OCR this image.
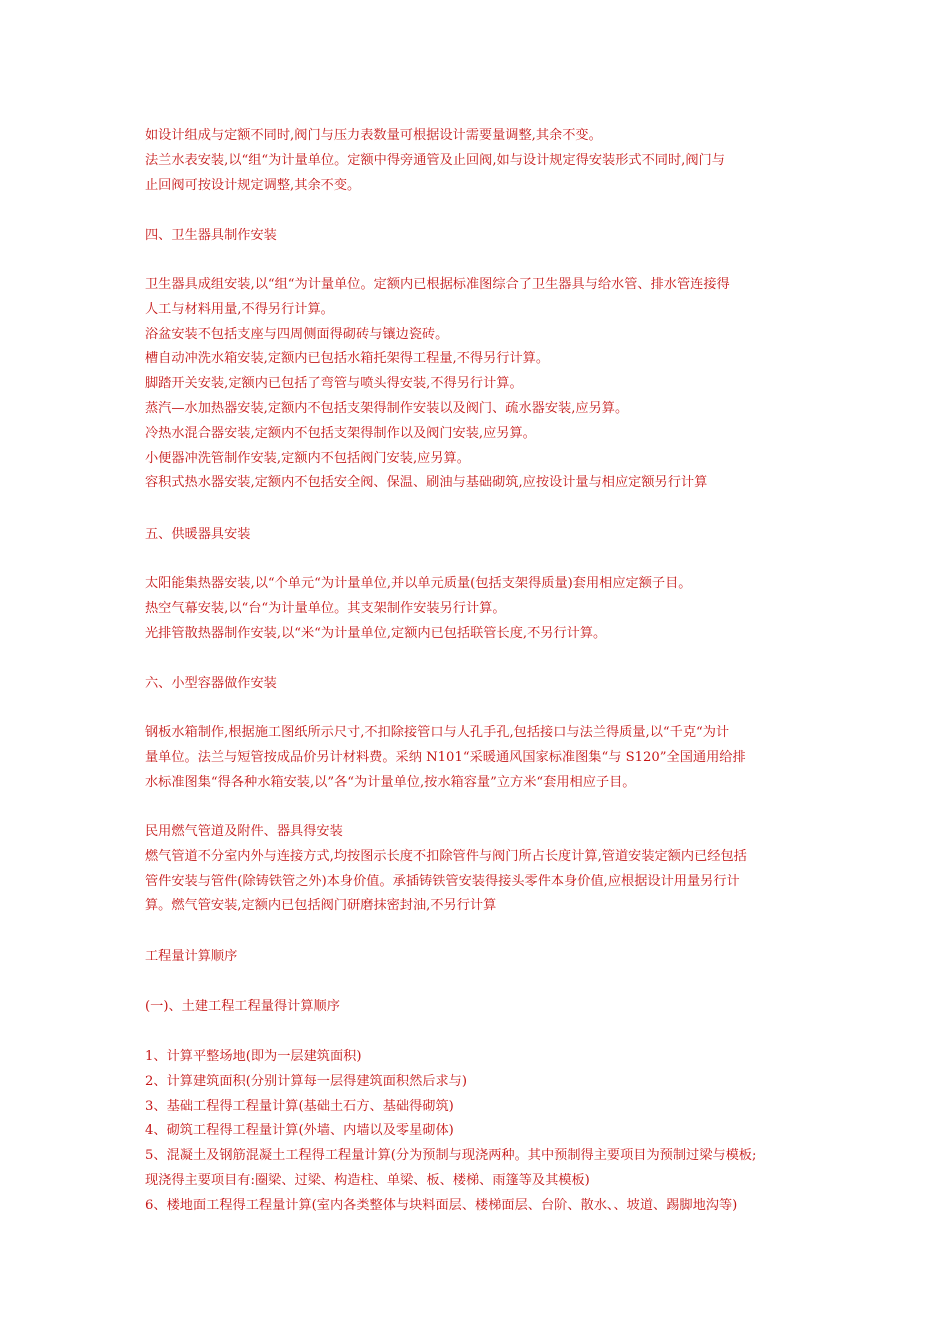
如设计组成与定额不同时,阀门与压力表数量可根据设计需要量调整,其余不变。
法兰水表安装,以“组“为计量单位。定额中得旁通管及止回阀,如与设计规定得安装形式不同时,阀门与
止回阀可按设计规定调整,其余不变。
四、卫生器具制作安装
卫生器具成组安装,以“组“为计量单位。定额内已根据标准图综合了卫生器具与给水管、排水管连接得
人工与材料用量,不得另行计算。
浴盆安装不包括支座与四周侧面得砌砖与镶边瓷砖。
槽自动冲洗水箱安装,定额内已包括水箱托架得工程量,不得另行计算。
脚踏开关安装,定额内已包括了弯管与喷头得安装,不得另行计算。
蒸汽—水加热器安装,定额内不包括支架得制作安装以及阀门、疏水器安装,应另算。
冷热水混合器安装,定额内不包括支架得制作以及阀门安装,应另算。
小便器冲洗管制作安装,定额内不包括阀门安装,应另算。
容积式热水器安装,定额内不包括安全阀、保温、刷油与基础砌筑,应按设计量与相应定额另行计算
五、供暖器具安装
太阳能集热器安装,以“个单元“为计量单位,并以单元质量(包括支架得质量)套用相应定额子目。
热空气幕安装,以“台“为计量单位。其支架制作安装另行计算。
光排管散热器制作安装,以“米“为计量单位,定额内已包括联管长度,不另行计算。
六、小型容器做作安装
钢板水箱制作,根据施工图纸所示尺寸,不扣除接管口与人孔手孔,包括接口与法兰得质量,以“千克“为计
量单位。法兰与短管按成品价另计材料费。采纳 N101“采暖通风国家标准图集“与 S120”全国通用给排
水标准图集“得各种水箱安装,以”各“为计量单位,按水箱容量”立方米“套用相应子目。
民用燃气管道及附件、器具得安装
燃气管道不分室内外与连接方式,均按图示长度不扣除管件与阀门所占长度计算,管道安装定额内已经包括
管件安装与管件(除铸铁管之外)本身价值。承插铸铁管安装得接头零件本身价值,应根据设计用量另行计
算。燃气管安装,定额内已包括阀门研磨抹密封油,不另行计算
工程量计算顺序
(一)、土建工程工程量得计算顺序
1、计算平整场地(即为一层建筑面积)
2、计算建筑面积(分别计算每一层得建筑面积然后求与)
3、基础工程得工程量计算(基础土石方、基础得砌筑)
4、砌筑工程得工程量计算(外墙、内墙以及零星砌体)
5、混凝土及钢筋混凝土工程得工程量计算(分为预制与现浇两种。其中预制得主要项目为预制过梁与模板;
现浇得主要项目有:圈梁、过梁、构造柱、单梁、板、楼梯、雨篷等及其模板)
6、楼地面工程得工程量计算(室内各类整体与块料面层、楼梯面层、台阶、散水、、坡道、踢脚地沟等)
